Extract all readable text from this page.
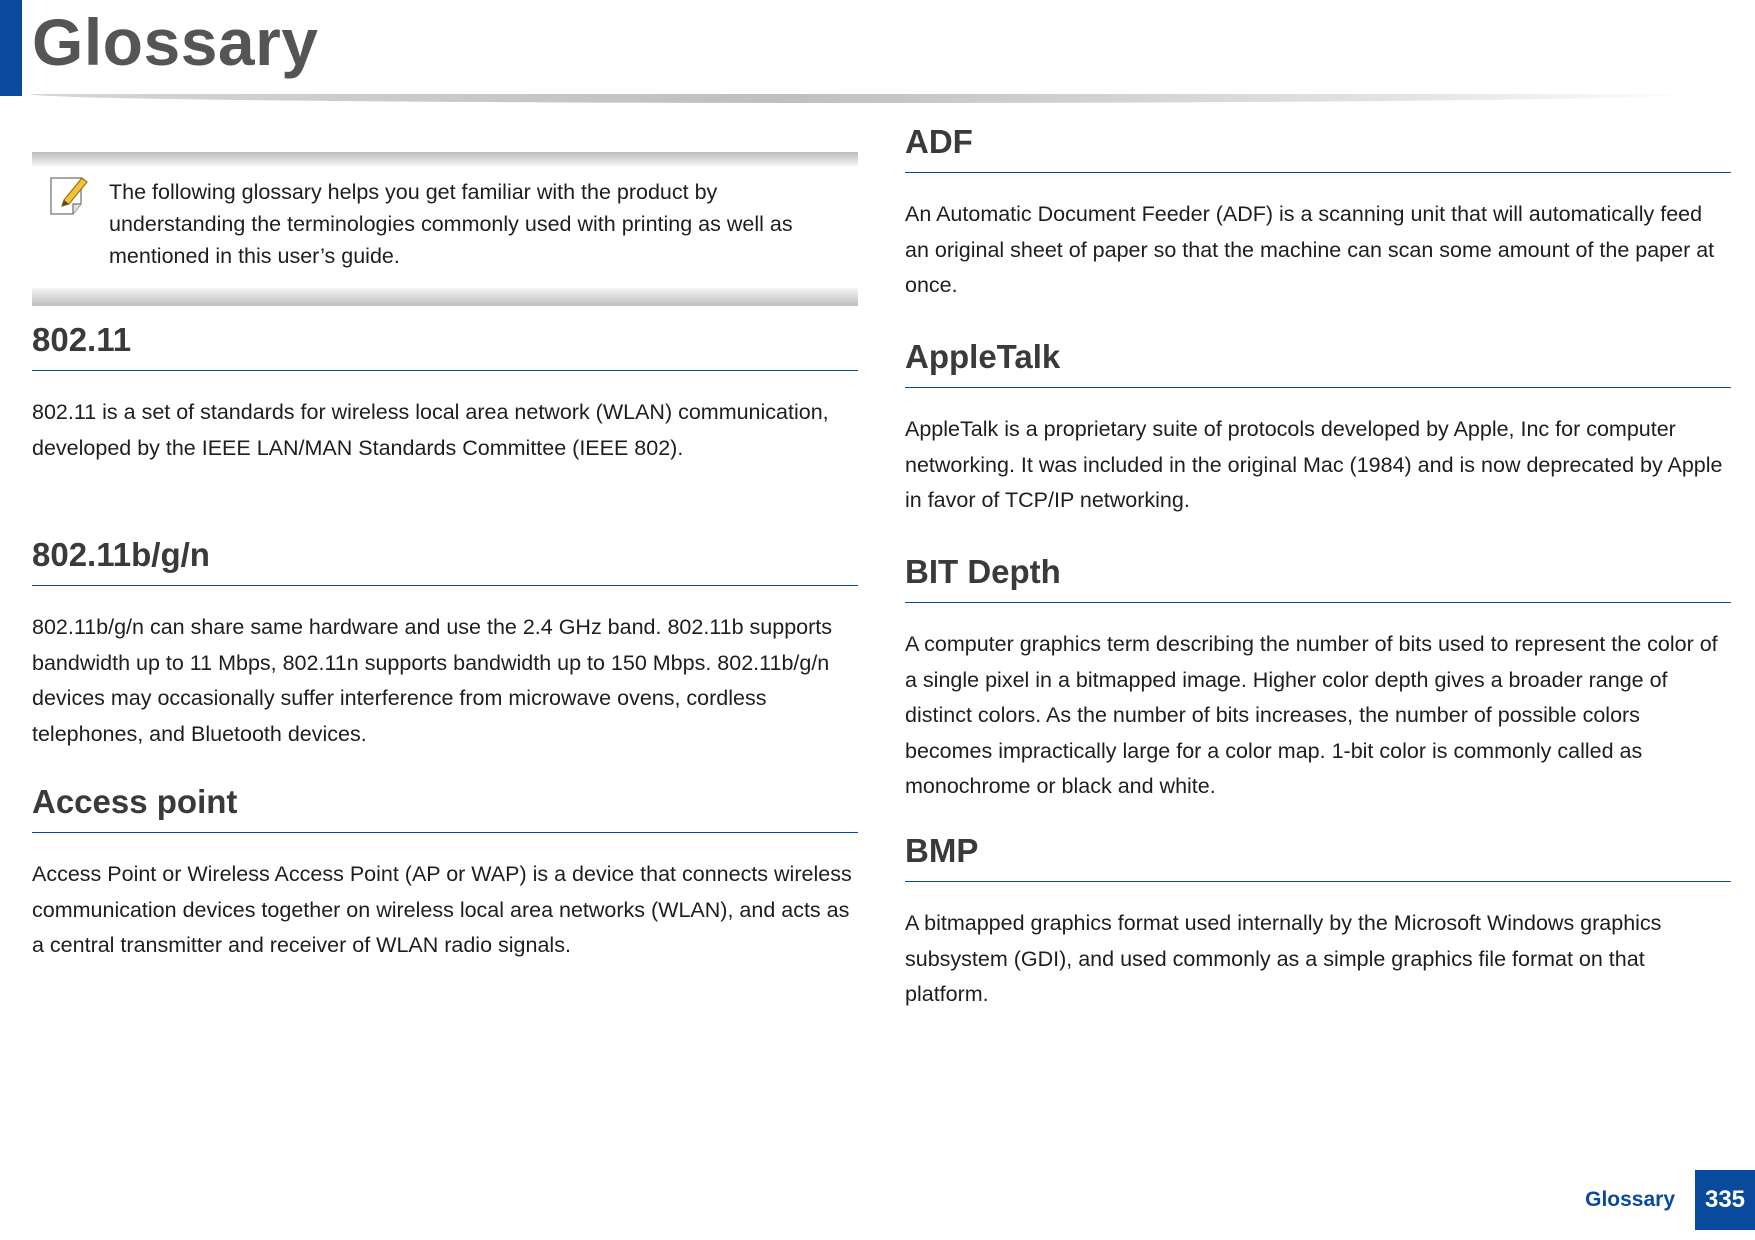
Glossary

The following glossary helps you get familiar with the product by understanding the terminologies commonly used with printing as well as mentioned in this user’s guide.

802.11

802.11 is a set of standards for wireless local area network (WLAN) communication, developed by the IEEE LAN/MAN Standards Committee (IEEE 802).

802.11b/g/n

802.11b/g/n can share same hardware and use the 2.4 GHz band. 802.11b supports bandwidth up to 11 Mbps, 802.11n supports bandwidth up to 150 Mbps. 802.11b/g/n devices may occasionally suffer interference from microwave ovens, cordless telephones, and Bluetooth devices.

Access point

Access Point or Wireless Access Point (AP or WAP) is a device that connects wireless communication devices together on wireless local area networks (WLAN), and acts as a central transmitter and receiver of WLAN radio signals.

ADF

An Automatic Document Feeder (ADF) is a scanning unit that will automatically feed an original sheet of paper so that the machine can scan some amount of the paper at once.

AppleTalk

AppleTalk is a proprietary suite of protocols developed by Apple, Inc for computer networking. It was included in the original Mac (1984) and is now deprecated by Apple in favor of TCP/IP networking.

BIT Depth

A computer graphics term describing the number of bits used to represent the color of a single pixel in a bitmapped image. Higher color depth gives a broader range of distinct colors. As the number of bits increases, the number of possible colors becomes impractically large for a color map. 1-bit color is commonly called as monochrome or black and white.

BMP

A bitmapped graphics format used internally by the Microsoft Windows graphics subsystem (GDI), and used commonly as a simple graphics file format on that platform.

Glossary	335
